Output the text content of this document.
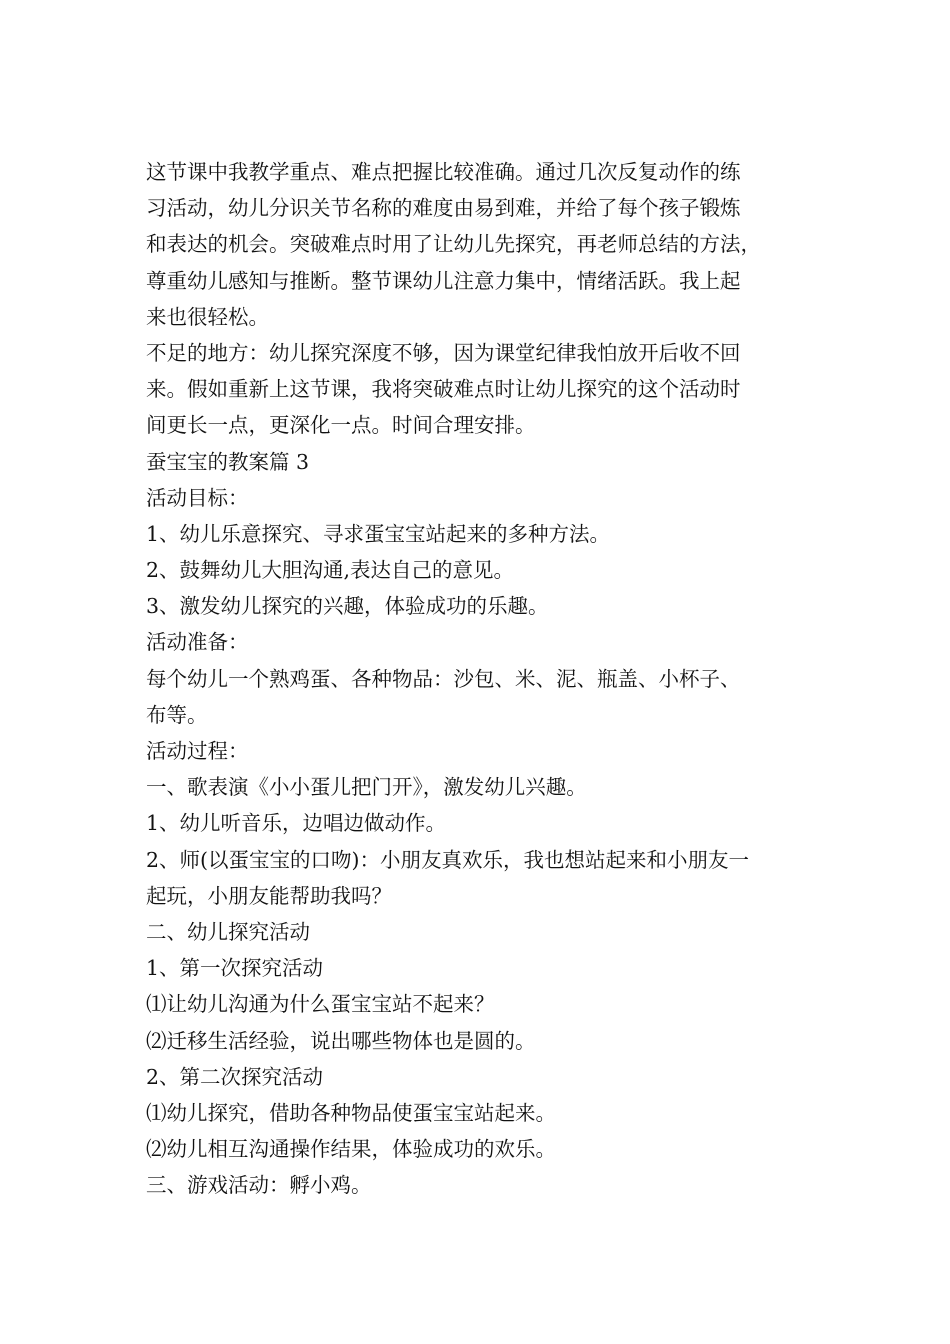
这节课中我教学重点、难点把握比较准确。通过几次反复动作的练
习活动，幼儿分识关节名称的难度由易到难，并给了每个孩子锻炼
和表达的机会。突破难点时用了让幼儿先探究，再老师总结的方法，
尊重幼儿感知与推断。整节课幼儿注意力集中，情绪活跃。我上起
来也很轻松。
不足的地方：幼儿探究深度不够，因为课堂纪律我怕放开后收不回
来。假如重新上这节课，我将突破难点时让幼儿探究的这个活动时
间更长一点，更深化一点。时间合理安排。
蚕宝宝的教案篇 3
活动目标：
1、幼儿乐意探究、寻求蛋宝宝站起来的多种方法。
2、鼓舞幼儿大胆沟通,表达自己的意见。
3、激发幼儿探究的兴趣，体验成功的乐趣。
活动准备：
每个幼儿一个熟鸡蛋、各种物品：沙包、米、泥、瓶盖、小杯子、
布等。
活动过程：
一、歌表演《小小蛋儿把门开》，激发幼儿兴趣。
1、幼儿听音乐，边唱边做动作。
2、师(以蛋宝宝的口吻)：小朋友真欢乐，我也想站起来和小朋友一
起玩，小朋友能帮助我吗？
二、幼儿探究活动
1、第一次探究活动
⑴让幼儿沟通为什么蛋宝宝站不起来？
⑵迁移生活经验，说出哪些物体也是圆的。
2、第二次探究活动
⑴幼儿探究，借助各种物品使蛋宝宝站起来。
⑵幼儿相互沟通操作结果，体验成功的欢乐。
三、游戏活动：孵小鸡。
